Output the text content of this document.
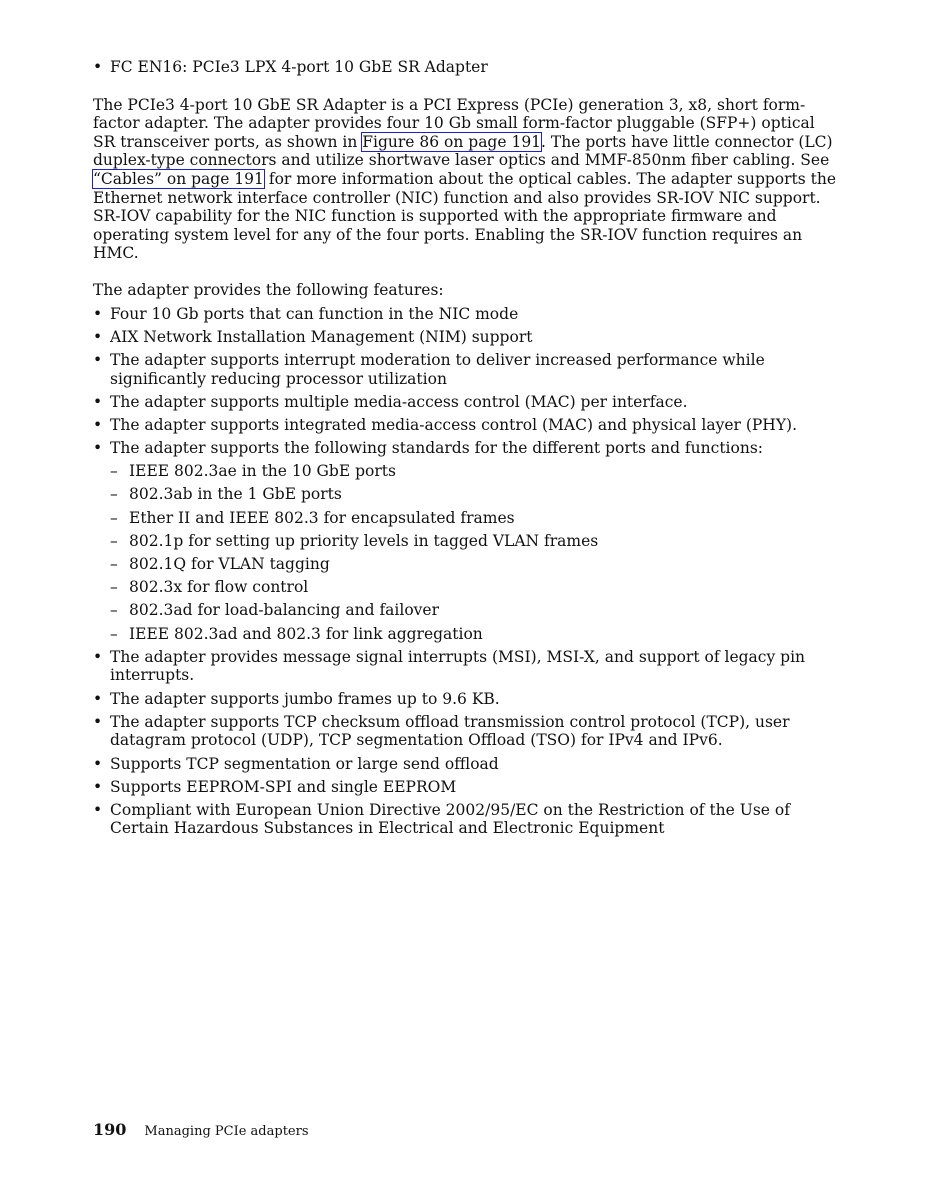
• FC EN16: PCIe3 LPX 4-port 10 GbE SR Adapter

The PCIe3 4-port 10 GbE SR Adapter is a PCI Express (PCIe) generation 3, x8, short form-factor adapter. The adapter provides four 10 Gb small form-factor pluggable (SFP+) optical SR transceiver ports, as shown in Figure 86 on page 191. The ports have little connector (LC) duplex-type connectors and utilize shortwave laser optics and MMF-850nm fiber cabling. See “Cables” on page 191 for more information about the optical cables. The adapter supports the Ethernet network interface controller (NIC) function and also provides SR-IOV NIC support. SR-IOV capability for the NIC function is supported with the appropriate firmware and operating system level for any of the four ports. Enabling the SR-IOV function requires an HMC.

The adapter provides the following features:

• Four 10 Gb ports that can function in the NIC mode
• AIX Network Installation Management (NIM) support
• The adapter supports interrupt moderation to deliver increased performance while significantly reducing processor utilization
• The adapter supports multiple media-access control (MAC) per interface.
• The adapter supports integrated media-access control (MAC) and physical layer (PHY).
• The adapter supports the following standards for the different ports and functions:
– IEEE 802.3ae in the 10 GbE ports
– 802.3ab in the 1 GbE ports
– Ether II and IEEE 802.3 for encapsulated frames
– 802.1p for setting up priority levels in tagged VLAN frames
– 802.1Q for VLAN tagging
– 802.3x for flow control
– 802.3ad for load-balancing and failover
– IEEE 802.3ad and 802.3 for link aggregation
• The adapter provides message signal interrupts (MSI), MSI-X, and support of legacy pin interrupts.
• The adapter supports jumbo frames up to 9.6 KB.
• The adapter supports TCP checksum offload transmission control protocol (TCP), user datagram protocol (UDP), TCP segmentation Offload (TSO) for IPv4 and IPv6.
• Supports TCP segmentation or large send offload
• Supports EEPROM-SPI and single EEPROM
• Compliant with European Union Directive 2002/95/EC on the Restriction of the Use of Certain Hazardous Substances in Electrical and Electronic Equipment
190 Managing PCIe adapters
